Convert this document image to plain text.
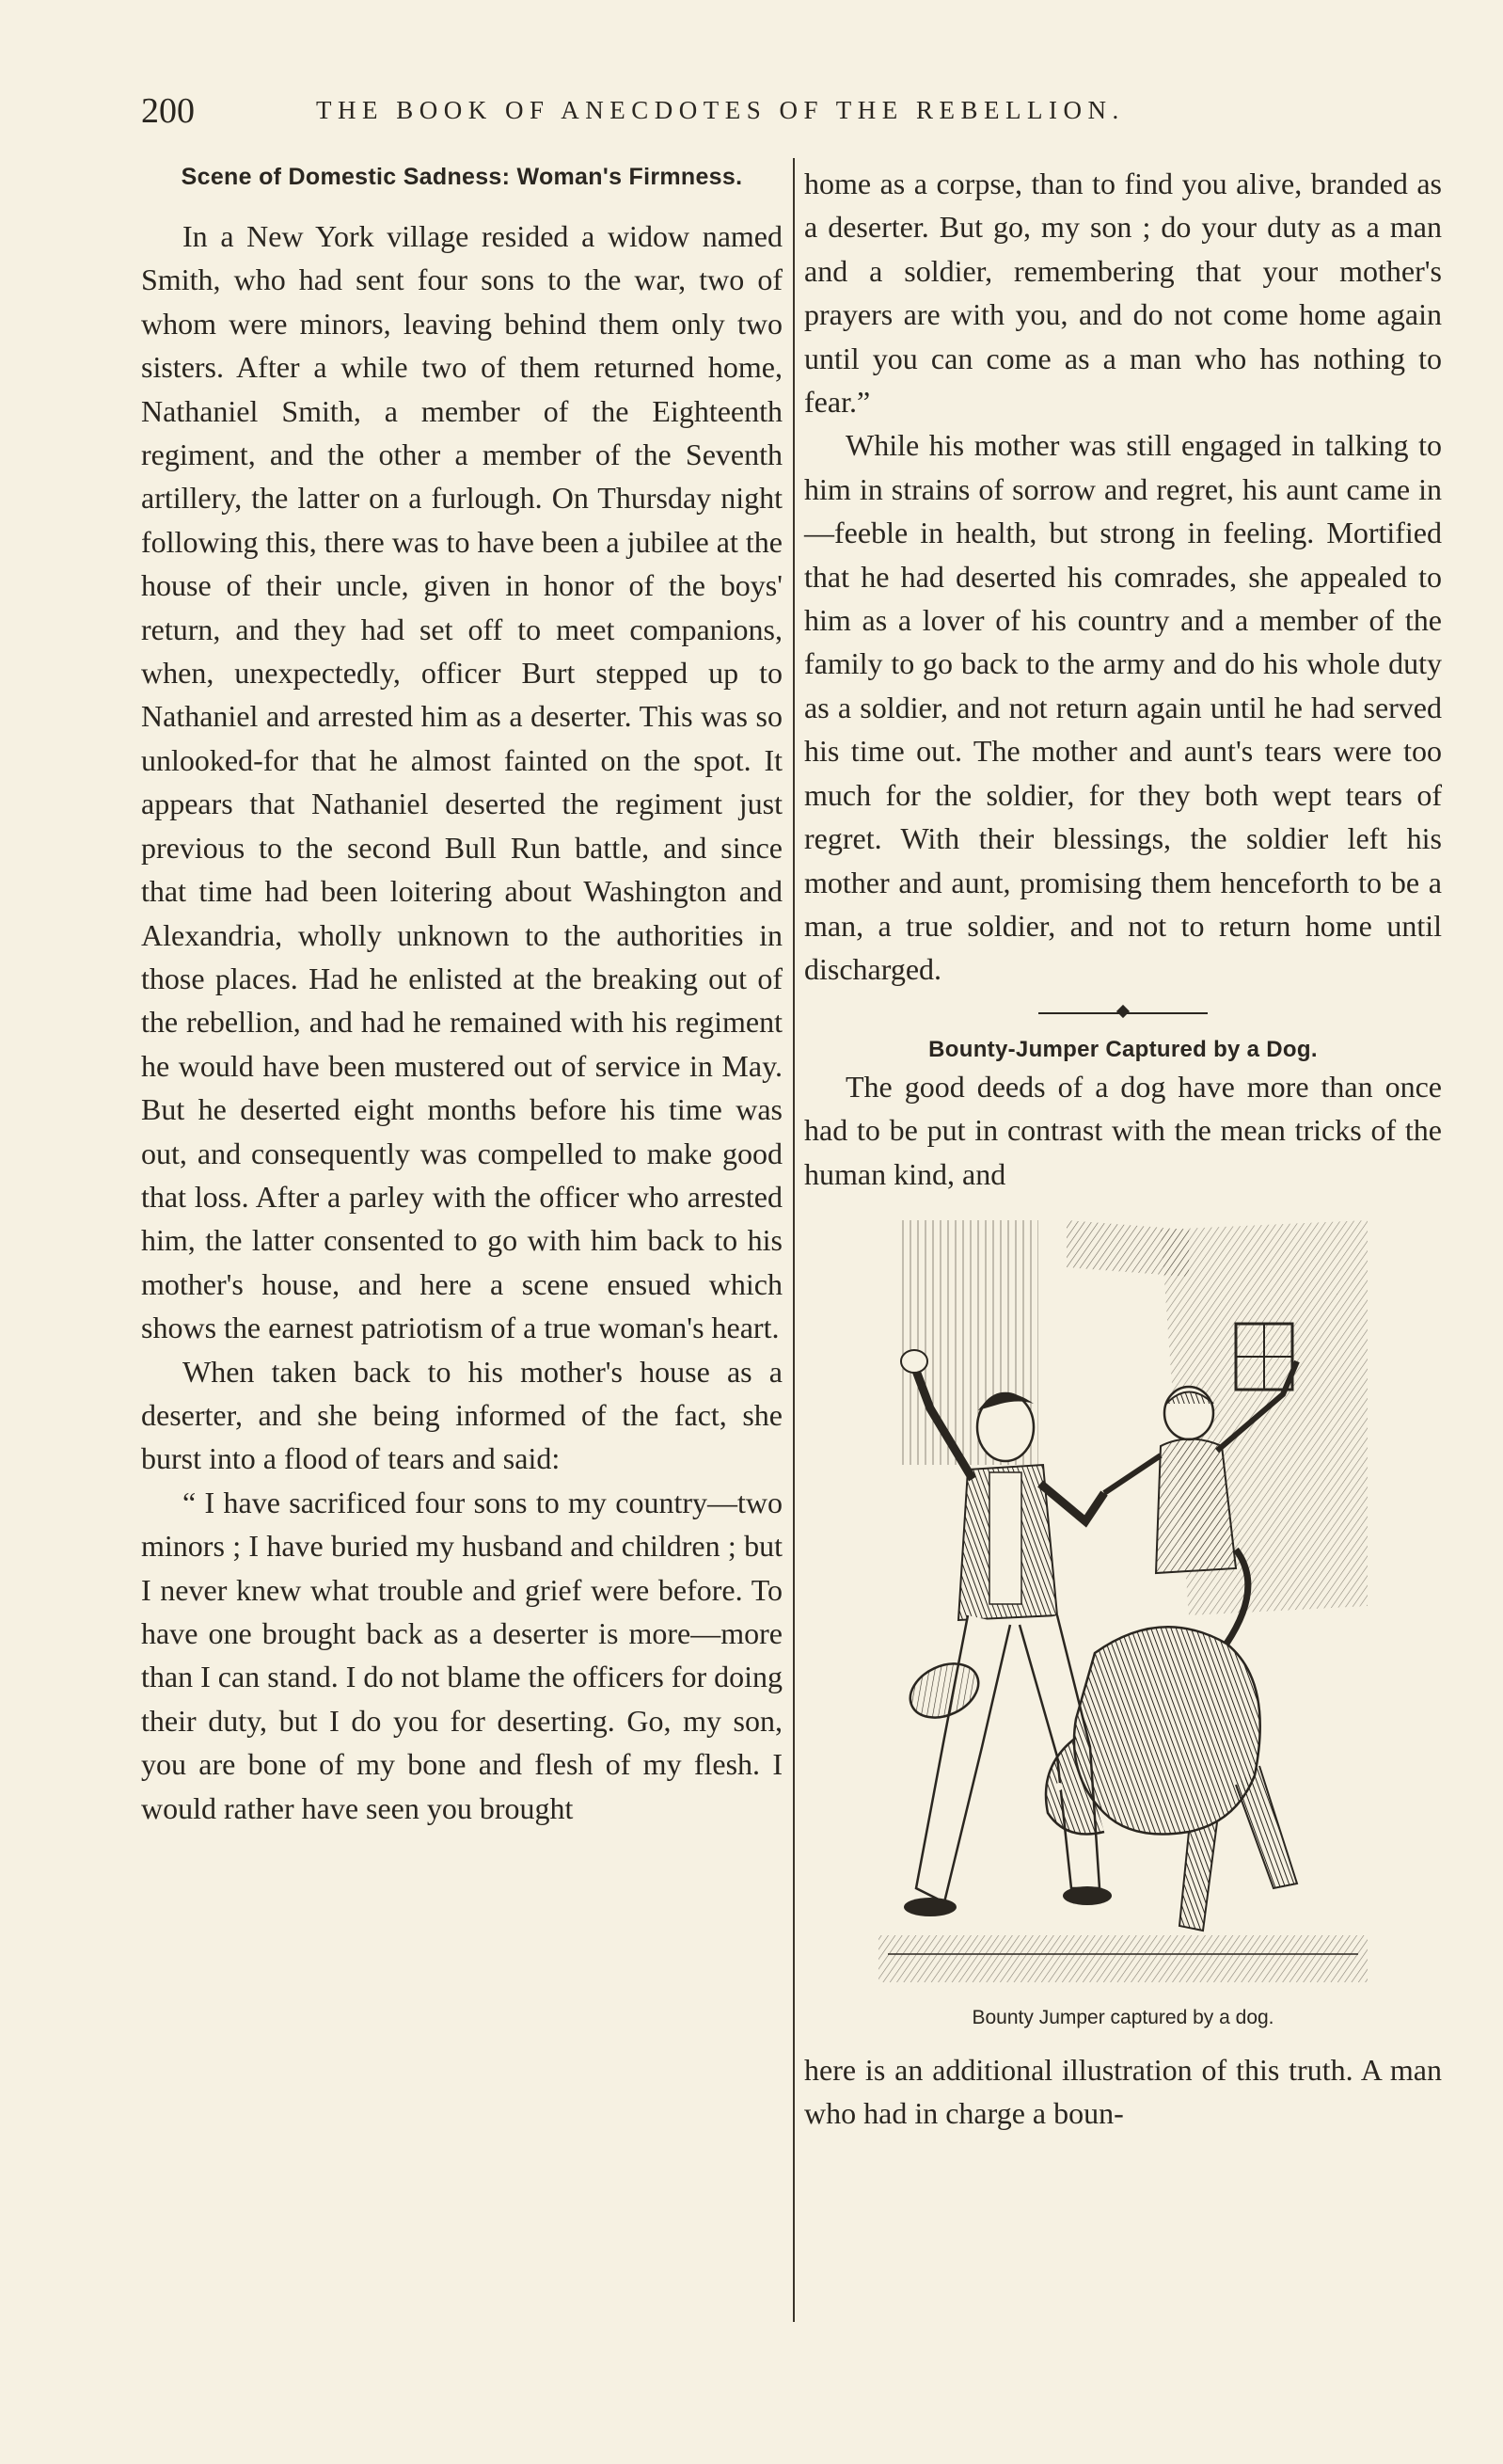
200	THE BOOK OF ANECDOTES OF THE REBELLION.
Scene of Domestic Sadness: Woman's Firmness.

In a New York village resided a widow named Smith, who had sent four sons to the war, two of whom were minors, leaving behind them only two sisters. After a while two of them returned home, Nathaniel Smith, a member of the Eighteenth regiment, and the other a member of the Seventh artillery, the latter on a furlough. On Thursday night following this, there was to have been a jubilee at the house of their uncle, given in honor of the boys' return, and they had set off to meet companions, when, unexpectedly, officer Burt stepped up to Nathaniel and arrested him as a deserter. This was so unlooked-for that he almost fainted on the spot. It appears that Nathaniel deserted the regiment just previous to the second Bull Run battle, and since that time had been loitering about Washington and Alexandria, wholly unknown to the authorities in those places. Had he enlisted at the breaking out of the rebellion, and had he remained with his regiment he would have been mustered out of service in May. But he deserted eight months before his time was out, and consequently was compelled to make good that loss. After a parley with the officer who arrested him, the latter consented to go with him back to his mother's house, and here a scene ensued which shows the earnest patriotism of a true woman's heart.

When taken back to his mother's house as a deserter, and she being informed of the fact, she burst into a flood of tears and said:

“ I have sacrificed four sons to my country—two minors ; I have buried my husband and children ; but I never knew what trouble and grief were before. To have one brought back as a deserter is more—more than I can stand. I do not blame the officers for doing their duty, but I do you for deserting. Go, my son, you are bone of my bone and flesh of my flesh. I would rather have seen you brought

home as a corpse, than to find you alive, branded as a deserter. But go, my son ; do your duty as a man and a soldier, remembering that your mother's prayers are with you, and do not come home again until you can come as a man who has nothing to fear.”

While his mother was still engaged in talking to him in strains of sorrow and regret, his aunt came in—feeble in health, but strong in feeling. Mortified that he had deserted his comrades, she appealed to him as a lover of his country and a member of the family to go back to the army and do his whole duty as a soldier, and not return again until he had served his time out. The mother and aunt's tears were too much for the soldier, for they both wept tears of regret. With their blessings, the soldier left his mother and aunt, promising them henceforth to be a man, a true soldier, and not to return home until discharged.

Bounty-Jumper Captured by a Dog.

The good deeds of a dog have more than once had to be put in contrast with the mean tricks of the human kind, and

Bounty Jumper captured by a dog.

here is an additional illustration of this truth. A man who had in charge a boun-
